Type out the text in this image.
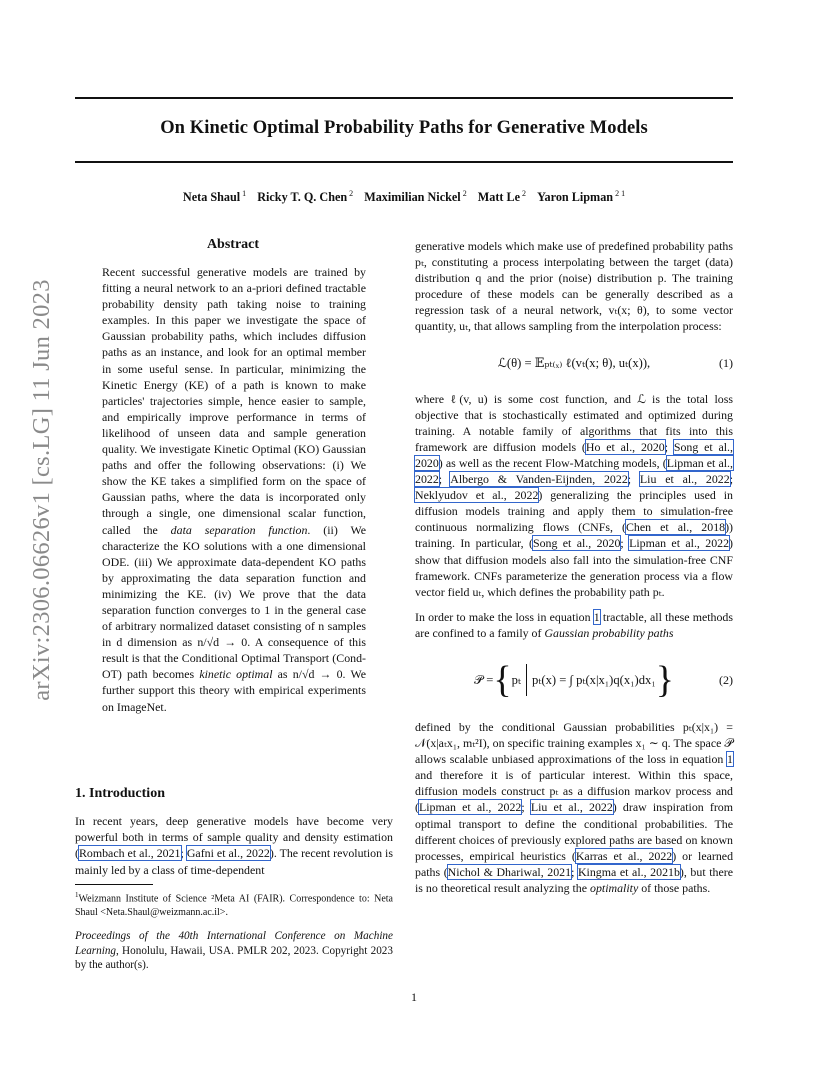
On Kinetic Optimal Probability Paths for Generative Models
Neta Shaul $^1$ Ricky T. Q. Chen $^2$ Maximilian Nickel $^2$ Matt Le $^2$ Yaron Lipman $^{2 1}$
arXiv:2306.06626v1 [cs.LG] 11 Jun 2023
Abstract

Recent successful generative models are trained by fitting a neural network to an a-priori defined tractable probability density path taking noise to training examples. In this paper we investigate the space of Gaussian probability paths, which includes diffusion paths as an instance, and look for an optimal member in some useful sense. In particular, minimizing the Kinetic Energy (KE) of a path is known to make particles' trajectories simple, hence easier to sample, and empirically improve performance in terms of likelihood of unseen data and sample generation quality. We investigate Kinetic Optimal (KO) Gaussian paths and offer the following observations: (i) We show the KE takes a simplified form on the space of Gaussian paths, where the data is incorporated only through a single, one dimensional scalar function, called the data separation function. (ii) We characterize the KO solutions with a one dimensional ODE. (iii) We approximate data-dependent KO paths by approximating the data separation function and minimizing the KE. (iv) We prove that the data separation function converges to 1 in the general case of arbitrary normalized dataset consisting of n samples in d dimension as n/√d → 0. A consequence of this result is that the Conditional Optimal Transport (Cond-OT) path becomes kinetic optimal as n/√d → 0. We further support this theory with empirical experiments on ImageNet.

1. Introduction

In recent years, deep generative models have become very powerful both in terms of sample quality and density estimation (Rombach et al., 2021; Gafni et al., 2022). The recent revolution is mainly led by a class of time-dependent

$^1$Weizmann Institute of Science ²Meta AI (FAIR). Correspondence to: Neta Shaul <Neta.Shaul@weizmann.ac.il>.
Proceedings of the 40th International Conference on Machine Learning, Honolulu, Hawaii, USA. PMLR 202, 2023. Copyright 2023 by the author(s).

generative models which make use of predefined probability paths pₜ, constituting a process interpolating between the target (data) distribution q and the prior (noise) distribution p. The training procedure of these models can be generally described as a regression task of a neural network, vₜ(x; θ), to some vector quantity, uₜ, that allows sampling from the interpolation process:

ℒ(θ) = 𝔼ₚₜ₍ₓ₎ ℓ(vₜ(x; θ), uₜ(x)),	(1)

where ℓ(v, u) is some cost function, and ℒ is the total loss objective that is stochastically estimated and optimized during training. A notable family of algorithms that fits into this framework are diffusion models (Ho et al., 2020; Song et al., 2020) as well as the recent Flow-Matching models, (Lipman et al., 2022; Albergo & Vanden-Eijnden, 2022; Liu et al., 2022; Neklyudov et al., 2022) generalizing the principles used in diffusion models training and apply them to simulation-free continuous normalizing flows (CNFs, (Chen et al., 2018)) training. In particular, (Song et al., 2020; Lipman et al., 2022) show that diffusion models also fall into the simulation-free CNF framework. CNFs parameterize the generation process via a flow vector field uₜ, which defines the probability path pₜ.

In order to make the loss in equation 1 tractable, all these methods are confined to a family of Gaussian probability paths

𝒫 = { pₜ pₜ(x) = ∫ pₜ(x|x₁)q(x₁)dx₁ }	(2)

defined by the conditional Gaussian probabilities pₜ(x|x₁) = 𝒩(x|aₜx₁, mₜ²I), on specific training examples x₁ ∼ q. The space 𝒫 allows scalable unbiased approximations of the loss in equation 1 and therefore it is of particular interest. Within this space, diffusion models construct pₜ as a diffusion markov process and (Lipman et al., 2022; Liu et al., 2022) draw inspiration from optimal transport to define the conditional probabilities. The different choices of previously explored paths are based on known processes, empirical heuristics (Karras et al., 2022) or learned paths (Nichol & Dhariwal, 2021; Kingma et al., 2021b), but there is no theoretical result analyzing the optimality of those paths.

1
